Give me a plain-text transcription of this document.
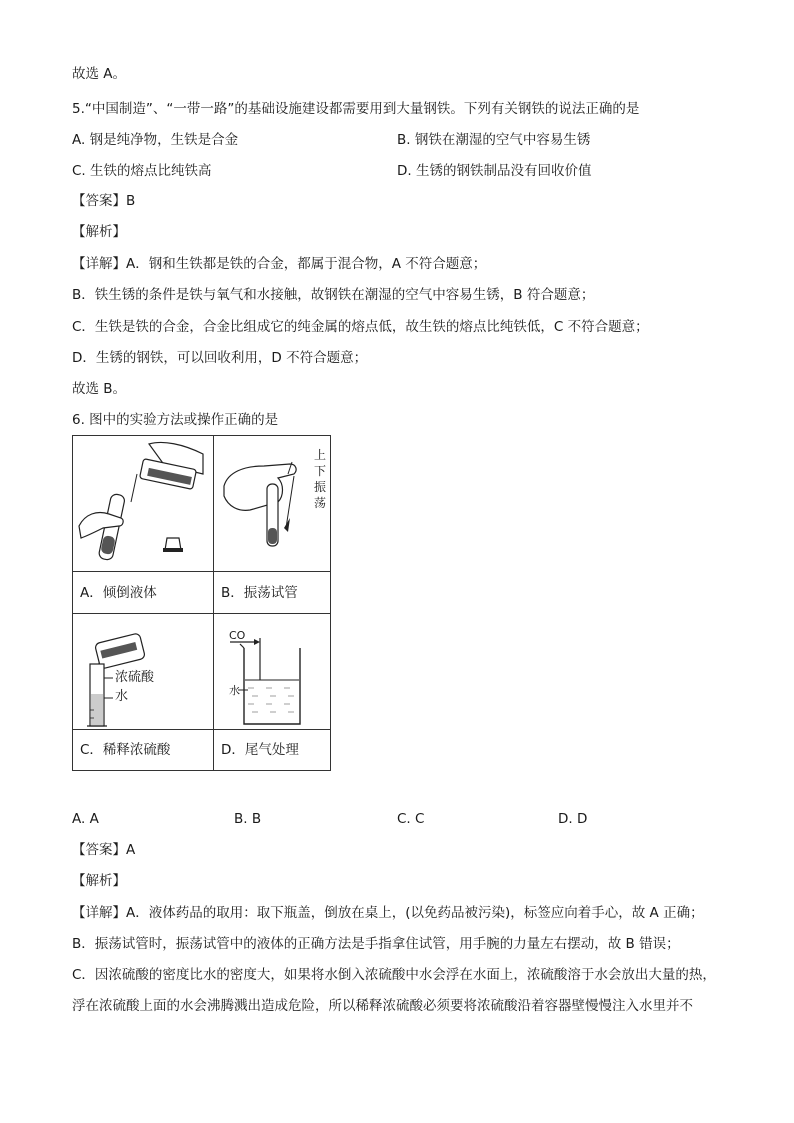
故选 A。
5.“中国制造”、“一带一路”的基础设施建设都需要用到大量钢铁。下列有关钢铁的说法正确的是
A. 钢是纯净物，生铁是合金	B. 钢铁在潮湿的空气中容易生锈
C. 生铁的熔点比纯铁高	D. 生锈的钢铁制品没有回收价值
【答案】B
【解析】
【详解】A．钢和生铁都是铁的合金，都属于混合物，A 不符合题意；
B．铁生锈的条件是铁与氧气和水接触，故钢铁在潮湿的空气中容易生锈，B 符合题意；
C．生铁是铁的合金，合金比组成它的纯金属的熔点低，故生铁的熔点比纯铁低，C 不符合题意；
D．生锈的钢铁，可以回收利用，D 不符合题意；
故选 B。
6. 图中的实验方法或操作正确的是
上
下
振
荡
A．倾倒液体	B．振荡试管
浓硫酸
水
CO
水
C．稀释浓硫酸	D．尾气处理
A. A	B. B	C. C	D. D
【答案】A
【解析】
【详解】A．液体药品的取用：取下瓶盖，倒放在桌上，(以免药品被污染)，标签应向着手心，故 A 正确；
B．振荡试管时，振荡试管中的液体的正确方法是手指拿住试管，用手腕的力量左右摆动，故 B 错误；
C．因浓硫酸的密度比水的密度大，如果将水倒入浓硫酸中水会浮在水面上，浓硫酸溶于水会放出大量的热，
浮在浓硫酸上面的水会沸腾溅出造成危险，所以稀释浓硫酸必须要将浓硫酸沿着容器壁慢慢注入水里并不
